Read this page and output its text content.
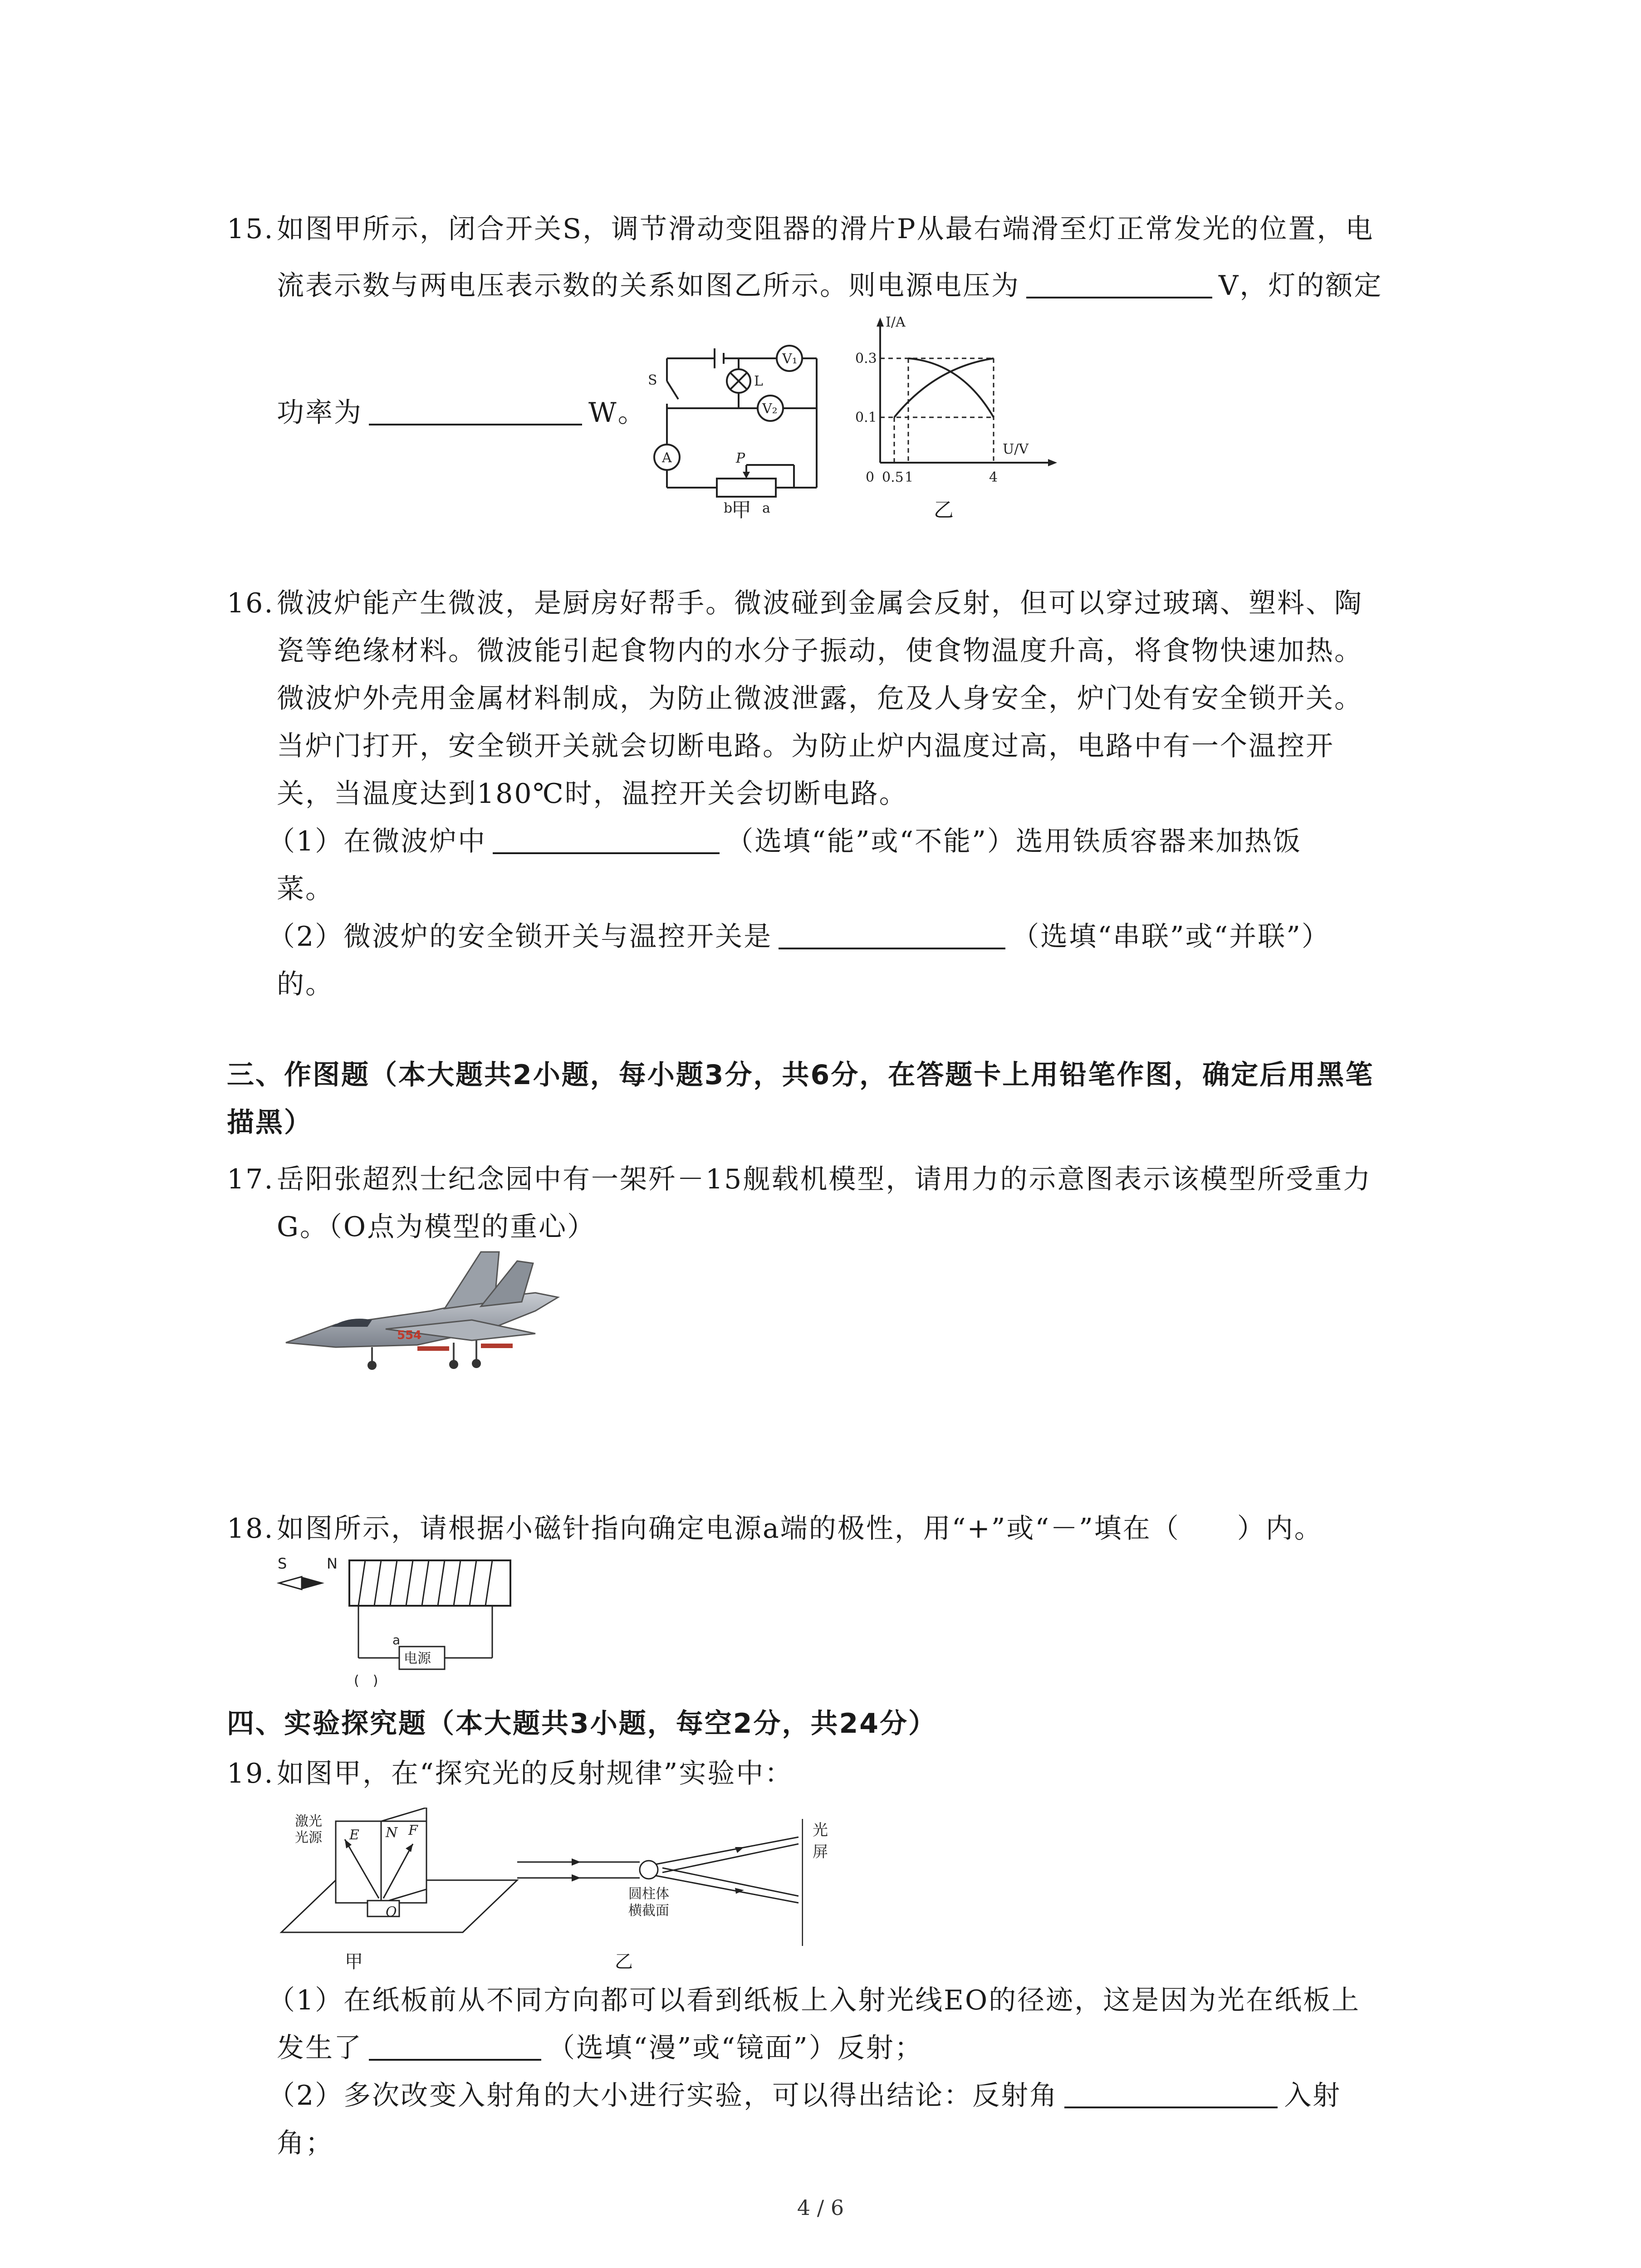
15.如图甲所示，闭合开关S，调节滑动变阻器的滑片P从最右端滑至灯正常发光的位置，电
流表示数与两电压表示数的关系如图乙所示。则电源电压为	V，灯的额定
功率为	W。
S
V₁
V₂
L
A	P
b a
甲
I/A
U/V
0.3
0.1
0 0.5 1	4
乙
16.微波炉能产生微波，是厨房好帮手。微波碰到金属会反射，但可以穿过玻璃、塑料、陶
瓷等绝缘材料。微波能引起食物内的水分子振动，使食物温度升高，将食物快速加热。
微波炉外壳用金属材料制成，为防止微波泄露，危及人身安全，炉门处有安全锁开关。
当炉门打开，安全锁开关就会切断电路。为防止炉内温度过高，电路中有一个温控开
关，当温度达到180℃时，温控开关会切断电路。
（1）在微波炉中	（选填“能”或“不能”）选用铁质容器来加热饭
菜。
（2）微波炉的安全锁开关与温控开关是	（选填“串联”或“并联”）
的。
三、作图题（本大题共2小题，每小题3分，共6分，在答题卡上用铅笔作图，确定后用黑笔
描黑）
17.岳阳张超烈士纪念园中有一架歼－15舰载机模型，请用力的示意图表示该模型所受重力
G。（O点为模型的重心）
554
18.如图所示，请根据小磁针指向确定电源a端的极性，用“+”或“－”填在（　　）内。
S	N
a
电源
(　)
四、实验探究题（本大题共3小题，每空2分，共24分）
19.如图甲，在“探究光的反射规律”实验中：
E N F
O
激光
光源
甲
圆柱体
横截面
光
屏
乙
（1）在纸板前从不同方向都可以看到纸板上入射光线EO的径迹，这是因为光在纸板上
发生了	（选填“漫”或“镜面”）反射；
（2）多次改变入射角的大小进行实验，可以得出结论：反射角	入射
角；
4 / 6
